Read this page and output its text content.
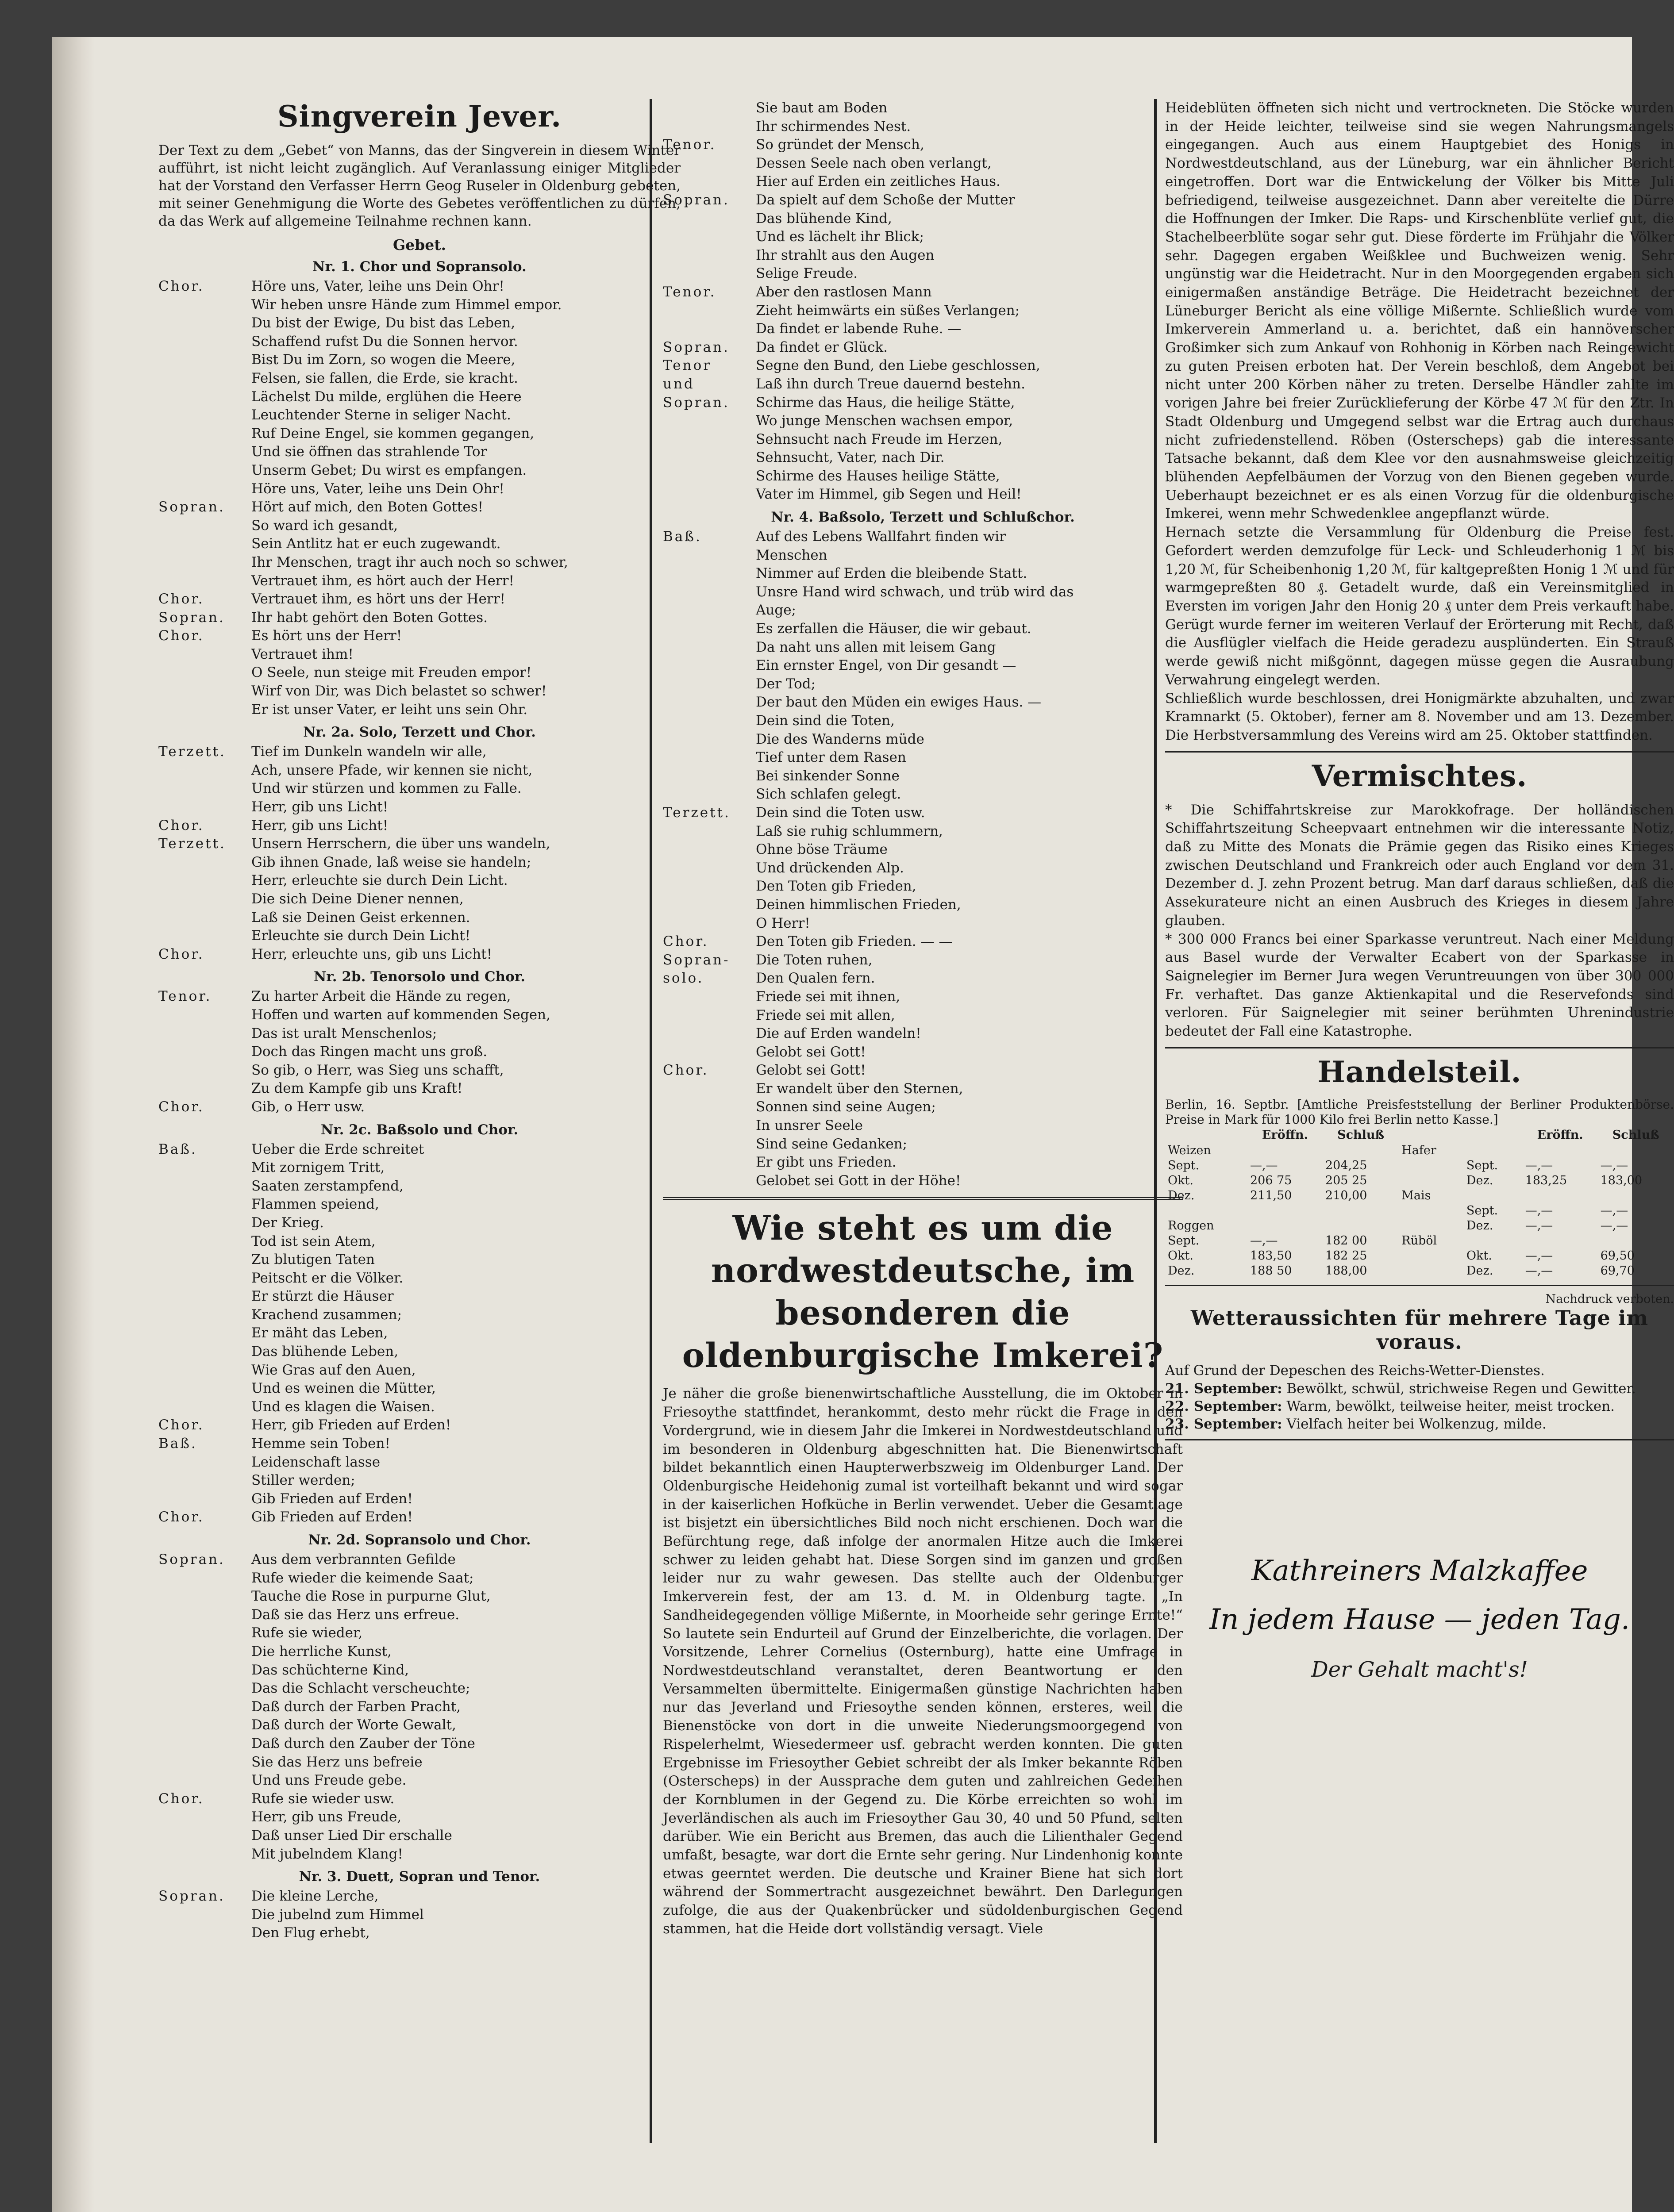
Singverein Jever.

Der Text zu dem „Gebet“ von Manns, das der Singverein in diesem Winter aufführt, ist nicht leicht zugänglich. Auf Veranlassung einiger Mitglieder hat der Vorstand den Verfasser Herrn Geog Ruseler in Oldenburg gebeten, mit seiner Genehmigung die Worte des Gebetes veröffentlichen zu dürfen, da das Werk auf allgemeine Teilnahme rechnen kann.

Gebet.
Nr. 1. Chor und Sopransolo.
Chor.	Höre uns, Vater, leihe uns Dein Ohr!
Wir heben unsre Hände zum Himmel empor.
Du bist der Ewige, Du bist das Leben,
Schaffend rufst Du die Sonnen hervor.
Bist Du im Zorn, so wogen die Meere,
Felsen, sie fallen, die Erde, sie kracht.
Lächelst Du milde, erglühen die Heere
Leuchtender Sterne in seliger Nacht.
Ruf Deine Engel, sie kommen gegangen,
Und sie öffnen das strahlende Tor
Unserm Gebet; Du wirst es empfangen.
Höre uns, Vater, leihe uns Dein Ohr!
Sopran.	Hört auf mich, den Boten Gottes!
So ward ich gesandt,
Sein Antlitz hat er euch zugewandt.
Ihr Menschen, tragt ihr auch noch so schwer,
Vertrauet ihm, es hört auch der Herr!
Chor.	Vertrauet ihm, es hört uns der Herr!
Sopran.	Ihr habt gehört den Boten Gottes.
Chor.	Es hört uns der Herr!
Vertrauet ihm!
O Seele, nun steige mit Freuden empor!
Wirf von Dir, was Dich belastet so schwer!
Er ist unser Vater, er leiht uns sein Ohr.
Nr. 2a. Solo, Terzett und Chor.
Terzett.	Tief im Dunkeln wandeln wir alle,
Ach, unsere Pfade, wir kennen sie nicht,
Und wir stürzen und kommen zu Falle.
Herr, gib uns Licht!
Chor.	Herr, gib uns Licht!
Terzett.	Unsern Herrschern, die über uns wandeln,
Gib ihnen Gnade, laß weise sie handeln;
Herr, erleuchte sie durch Dein Licht.
Die sich Deine Diener nennen,
Laß sie Deinen Geist erkennen.
Erleuchte sie durch Dein Licht!
Chor.	Herr, erleuchte uns, gib uns Licht!
Nr. 2b. Tenorsolo und Chor.
Tenor.	Zu harter Arbeit die Hände zu regen,
Hoffen und warten auf kommenden Segen,
Das ist uralt Menschenlos;
Doch das Ringen macht uns groß.
So gib, o Herr, was Sieg uns schafft,
Zu dem Kampfe gib uns Kraft!
Chor.	Gib, o Herr usw.
Nr. 2c. Baßsolo und Chor.
Baß.	Ueber die Erde schreitet
Mit zornigem Tritt,
Saaten zerstampfend,
Flammen speiend,
Der Krieg.
Tod ist sein Atem,
Zu blutigen Taten
Peitscht er die Völker.
Er stürzt die Häuser
Krachend zusammen;
Er mäht das Leben,
Das blühende Leben,
Wie Gras auf den Auen,
Und es weinen die Mütter,
Und es klagen die Waisen.
Chor.	Herr, gib Frieden auf Erden!
Baß.	Hemme sein Toben!
Leidenschaft lasse
Stiller werden;
Gib Frieden auf Erden!
Chor.	Gib Frieden auf Erden!
Nr. 2d. Sopransolo und Chor.
Sopran.	Aus dem verbrannten Gefilde
Rufe wieder die keimende Saat;
Tauche die Rose in purpurne Glut,
Daß sie das Herz uns erfreue.
Rufe sie wieder,
Die herrliche Kunst,
Das schüchterne Kind,
Das die Schlacht verscheuchte;
Daß durch der Farben Pracht,
Daß durch der Worte Gewalt,
Daß durch den Zauber der Töne
Sie das Herz uns befreie
Und uns Freude gebe.
Chor.	Rufe sie wieder usw.
Herr, gib uns Freude,
Daß unser Lied Dir erschalle
Mit jubelndem Klang!
Nr. 3. Duett, Sopran und Tenor.
Sopran.	Die kleine Lerche,
Die jubelnd zum Himmel
Den Flug erhebt,
Sie baut am Boden
Ihr schirmendes Nest.
Tenor.	So gründet der Mensch,
Dessen Seele nach oben verlangt,
Hier auf Erden ein zeitliches Haus.
Sopran.	Da spielt auf dem Schoße der Mutter
Das blühende Kind,
Und es lächelt ihr Blick;
Ihr strahlt aus den Augen
Selige Freude.
Tenor.	Aber den rastlosen Mann
Zieht heimwärts ein süßes Verlangen;
Da findet er labende Ruhe. —
Sopran.	Da findet er Glück.
Tenor	Segne den Bund, den Liebe geschlossen,
und	Laß ihn durch Treue dauernd bestehn.
Sopran.	Schirme das Haus, die heilige Stätte,
Wo junge Menschen wachsen empor,
Sehnsucht nach Freude im Herzen,
Sehnsucht, Vater, nach Dir.
Schirme des Hauses heilige Stätte,
Vater im Himmel, gib Segen und Heil!
Nr. 4. Baßsolo, Terzett und Schlußchor.
Baß.	Auf des Lebens Wallfahrt finden wir
Menschen
Nimmer auf Erden die bleibende Statt.
Unsre Hand wird schwach, und trüb wird das
Auge;
Es zerfallen die Häuser, die wir gebaut.
Da naht uns allen mit leisem Gang
Ein ernster Engel, von Dir gesandt —
Der Tod;
Der baut den Müden ein ewiges Haus. —
Dein sind die Toten,
Die des Wanderns müde
Tief unter dem Rasen
Bei sinkender Sonne
Sich schlafen gelegt.
Terzett.	Dein sind die Toten usw.
Laß sie ruhig schlummern,
Ohne böse Träume
Und drückenden Alp.
Den Toten gib Frieden,
Deinen himmlischen Frieden,
O Herr!
Chor.	Den Toten gib Frieden. — —
Sopran-	Die Toten ruhen,
solo.	Den Qualen fern.
Friede sei mit ihnen,
Friede sei mit allen,
Die auf Erden wandeln!
Gelobt sei Gott!
Chor.	Gelobt sei Gott!
Er wandelt über den Sternen,
Sonnen sind seine Augen;
In unsrer Seele
Sind seine Gedanken;
Er gibt uns Frieden.
Gelobet sei Gott in der Höhe!
Wie steht es um die nordwestdeutsche, im besonderen die oldenburgische Imkerei?

Je näher die große bienenwirtschaftliche Ausstellung, die im Oktober in Friesoythe stattfindet, herankommt, desto mehr rückt die Frage in den Vordergrund, wie in diesem Jahr die Imkerei in Nordwestdeutschland und im besonderen in Oldenburg abgeschnitten hat. Die Bienenwirtschaft bildet bekanntlich einen Haupterwerbszweig im Oldenburger Land. Der Oldenburgische Heidehonig zumal ist vorteilhaft bekannt und wird sogar in der kaiserlichen Hofküche in Berlin verwendet. Ueber die Gesamtlage ist bisjetzt ein übersichtliches Bild noch nicht erschienen. Doch war die Befürchtung rege, daß infolge der anormalen Hitze auch die Imkerei schwer zu leiden gehabt hat. Diese Sorgen sind im ganzen und großen leider nur zu wahr gewesen. Das stellte auch der Oldenburger Imkerverein fest, der am 13. d. M. in Oldenburg tagte. „In Sandheidegegenden völlige Mißernte, in Moorheide sehr geringe Ernte!“ So lautete sein Endurteil auf Grund der Einzelberichte, die vorlagen. Der Vorsitzende, Lehrer Cornelius (Osternburg), hatte eine Umfrage in Nordwestdeutschland veranstaltet, deren Beantwortung er den Versammelten übermittelte. Einigermaßen günstige Nachrichten haben nur das Jeverland und Friesoythe senden können, ersteres, weil die Bienenstöcke von dort in die unweite Niederungsmoorgegend von Rispelerhelmt, Wiesedermeer usf. gebracht werden konnten. Die guten Ergebnisse im Friesoyther Gebiet schreibt der als Imker bekannte Röben (Osterscheps) in der Aussprache dem guten und zahlreichen Gedeihen der Kornblumen in der Gegend zu. Die Körbe erreichten so wohl im Jeverländischen als auch im Friesoyther Gau 30, 40 und 50 Pfund, selten darüber. Wie ein Bericht aus Bremen, das auch die Lilienthaler Gegend umfaßt, besagte, war dort die Ernte sehr gering. Nur Lindenhonig konnte etwas geerntet werden. Die deutsche und Krainer Biene hat sich dort während der Sommertracht ausgezeichnet bewährt. Den Darlegungen zufolge, die aus der Quakenbrücker und südoldenburgischen Gegend stammen, hat die Heide dort vollständig versagt. Viele

Heideblüten öffneten sich nicht und vertrockneten. Die Stöcke wurden in der Heide leichter, teilweise sind sie wegen Nahrungsmangels eingegangen. Auch aus einem Hauptgebiet des Honigs in Nordwestdeutschland, aus der Lüneburg, war ein ähnlicher Bericht eingetroffen. Dort war die Entwickelung der Völker bis Mitte Juli befriedigend, teilweise ausgezeichnet. Dann aber vereitelte die Dürre die Hoffnungen der Imker. Die Raps- und Kirschenblüte verlief gut, die Stachelbeerblüte sogar sehr gut. Diese förderte im Frühjahr die Völker sehr. Dagegen ergaben Weißklee und Buchweizen wenig. Sehr ungünstig war die Heidetracht. Nur in den Moorgegenden ergaben sich einigermaßen anständige Beträge. Die Heidetracht bezeichnet der Lüneburger Bericht als eine völlige Mißernte. Schließlich wurde vom Imkerverein Ammerland u. a. berichtet, daß ein hannöverscher Großimker sich zum Ankauf von Rohhonig in Körben nach Reingewicht zu guten Preisen erboten hat. Der Verein beschloß, dem Angebot bei nicht unter 200 Körben näher zu treten. Derselbe Händler zahlte im vorigen Jahre bei freier Zurücklieferung der Körbe 47 ℳ für den Ztr. In Stadt Oldenburg und Umgegend selbst war die Ertrag auch durchaus nicht zufriedenstellend. Röben (Osterscheps) gab die interessante Tatsache bekannt, daß dem Klee vor den ausnahmsweise gleichzeitig blühenden Aepfelbäumen der Vorzug von den Bienen gegeben wurde. Ueberhaupt bezeichnet er es als einen Vorzug für die oldenburgische Imkerei, wenn mehr Schwedenklee angepflanzt würde.

Hernach setzte die Versammlung für Oldenburg die Preise fest. Gefordert werden demzufolge für Leck- und Schleuderhonig 1 ℳ bis 1,20 ℳ, für Scheibenhonig 1,20 ℳ, für kaltgepreßten Honig 1 ℳ und für warmgepreßten 80 ₰. Getadelt wurde, daß ein Vereinsmitglied in Eversten im vorigen Jahr den Honig 20 ₰ unter dem Preis verkauft habe. Gerügt wurde ferner im weiteren Verlauf der Erörterung mit Recht, daß die Ausflügler vielfach die Heide geradezu ausplünderten. Ein Strauß werde gewiß nicht mißgönnt, dagegen müsse gegen die Ausraubung Verwahrung eingelegt werden.

Schließlich wurde beschlossen, drei Honigmärkte abzuhalten, und zwar Kramnarkt (5. Oktober), ferner am 8. November und am 13. Dezember. Die Herbstversammlung des Vereins wird am 25. Oktober stattfinden.

Vermischtes.

* Die Schiffahrtskreise zur Marokkofrage. Der holländischen Schiffahrtszeitung Scheepvaart entnehmen wir die interessante Notiz, daß zu Mitte des Monats die Prämie gegen das Risiko eines Krieges zwischen Deutschland und Frankreich oder auch England vor dem 31. Dezember d. J. zehn Prozent betrug. Man darf daraus schließen, daß die Assekurateure nicht an einen Ausbruch des Krieges in diesem Jahre glauben.

* 300 000 Francs bei einer Sparkasse veruntreut. Nach einer Meldung aus Basel wurde der Verwalter Ecabert von der Sparkasse in Saignelegier im Berner Jura wegen Veruntreuungen von über 300 000 Fr. verhaftet. Das ganze Aktienkapital und die Reservefonds sind verloren. Für Saignelegier mit seiner berühmten Uhrenindustrie bedeutet der Fall eine Katastrophe.

Handelsteil.

Berlin, 16. Septbr. [Amtliche Preisfeststellung der Berliner Produktenbörse. Preise in Mark für 1000 Kilo frei Berlin netto Kasse.]

	Eröffn.	Schluß			Eröffn.	Schluß
Weizen			Hafer			
Sept.	—,—	204,25		Sept.	—,—	—,—
Okt.	206 75	205 25		Dez.	183,25	183,00
Dez.	211,50	210,00	Mais			
				Sept.	—,—	—,—
Roggen				Dez.	—,—	—,—
Sept.	—,—	182 00	Rüböl			
Okt.	183,50	182 25		Okt.	—,—	69,50
Dez.	188 50	188,00		Dez.	—,—	69,70
Nachdruck verboten.
Wetteraussichten für mehrere Tage im voraus.

Auf Grund der Depeschen des Reichs-Wetter-Dienstes.

21. September: Bewölkt, schwül, strichweise Regen und Gewitter.
22. September: Warm, bewölkt, teilweise heiter, meist trocken.
23. September: Vielfach heiter bei Wolkenzug, milde.
Kathreiners Malzkaffee
In jedem Hause — jeden Tag.
Der Gehalt macht's!
